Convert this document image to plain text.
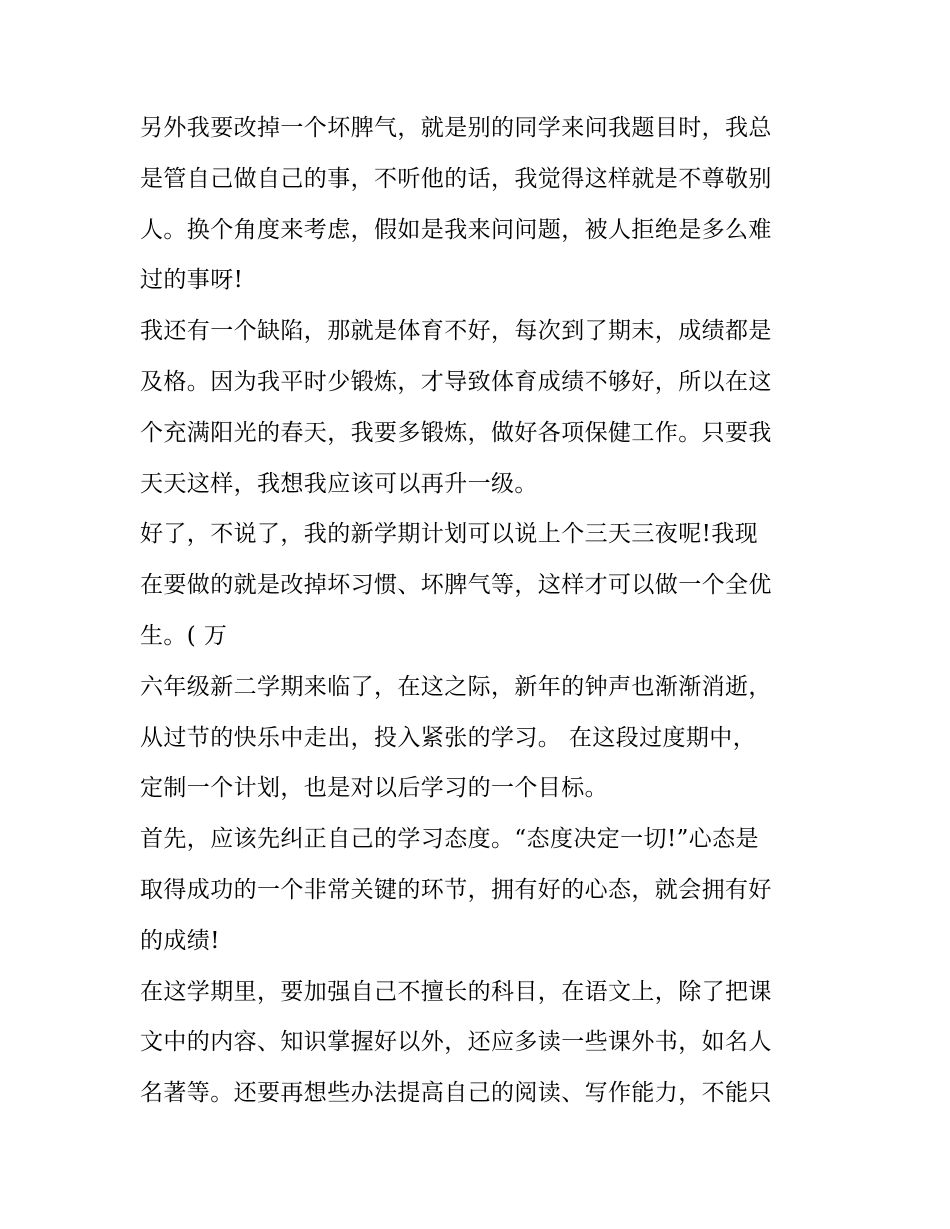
另外我要改掉一个坏脾气，就是别的同学来问我题目时，我总
是管自己做自己的事，不听他的话，我觉得这样就是不尊敬别
人。换个角度来考虑，假如是我来问问题，被人拒绝是多么难
过的事呀!
我还有一个缺陷，那就是体育不好，每次到了期末，成绩都是
及格。因为我平时少锻炼，才导致体育成绩不够好，所以在这
个充满阳光的春天，我要多锻炼，做好各项保健工作。只要我
天天这样，我想我应该可以再升一级。
好了，不说了，我的新学期计划可以说上个三天三夜呢!我现
在要做的就是改掉坏习惯、坏脾气等，这样才可以做一个全优
生。( 万
六年级新二学期来临了，在这之际，新年的钟声也渐渐消逝，
从过节的快乐中走出，投入紧张的学习。 在这段过度期中，
定制一个计划，也是对以后学习的一个目标。
首先，应该先纠正自己的学习态度。“态度决定一切!”心态是
取得成功的一个非常关键的环节，拥有好的心态，就会拥有好
的成绩!
在这学期里，要加强自己不擅长的科目，在语文上，除了把课
文中的内容、知识掌握好以外，还应多读一些课外书，如名人
名著等。还要再想些办法提高自己的阅读、写作能力，不能只
